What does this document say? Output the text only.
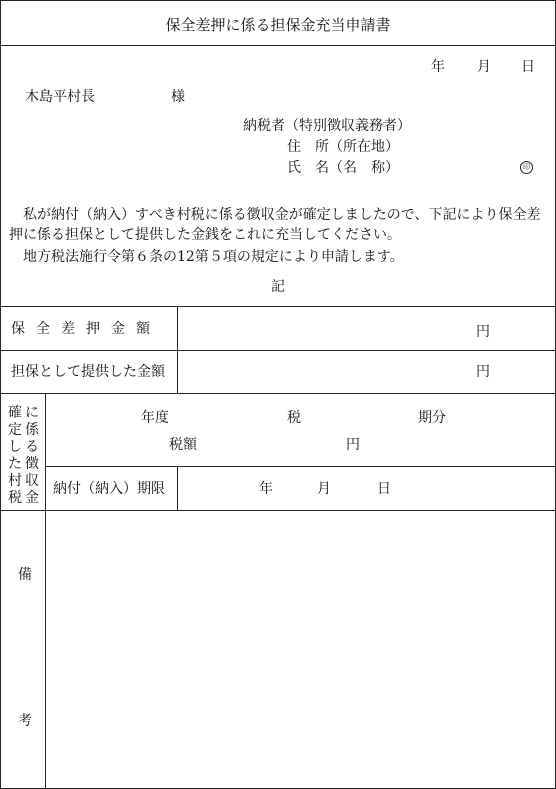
保全差押に係る担保金充当申請書
年 月 日
木島平村長	様
納税者（特別徴収義務者）
住　所（所在地）
氏　名（名　称）	印
私が納付（納入）すべき村税に係る徴収金が確定しましたので、下記により保全差押に係る担保として提供した金銭をこれに充当してください。
地方税法施行令第６条の12第５項の規定により申請します。
記
保全差押金額	円
担保として提供した金額	円
確
定
し
た
村
税
に
係
る
徴
収
金
年度	税	期分
税額	円
納付（納入）期限	年	月	日
備
考
